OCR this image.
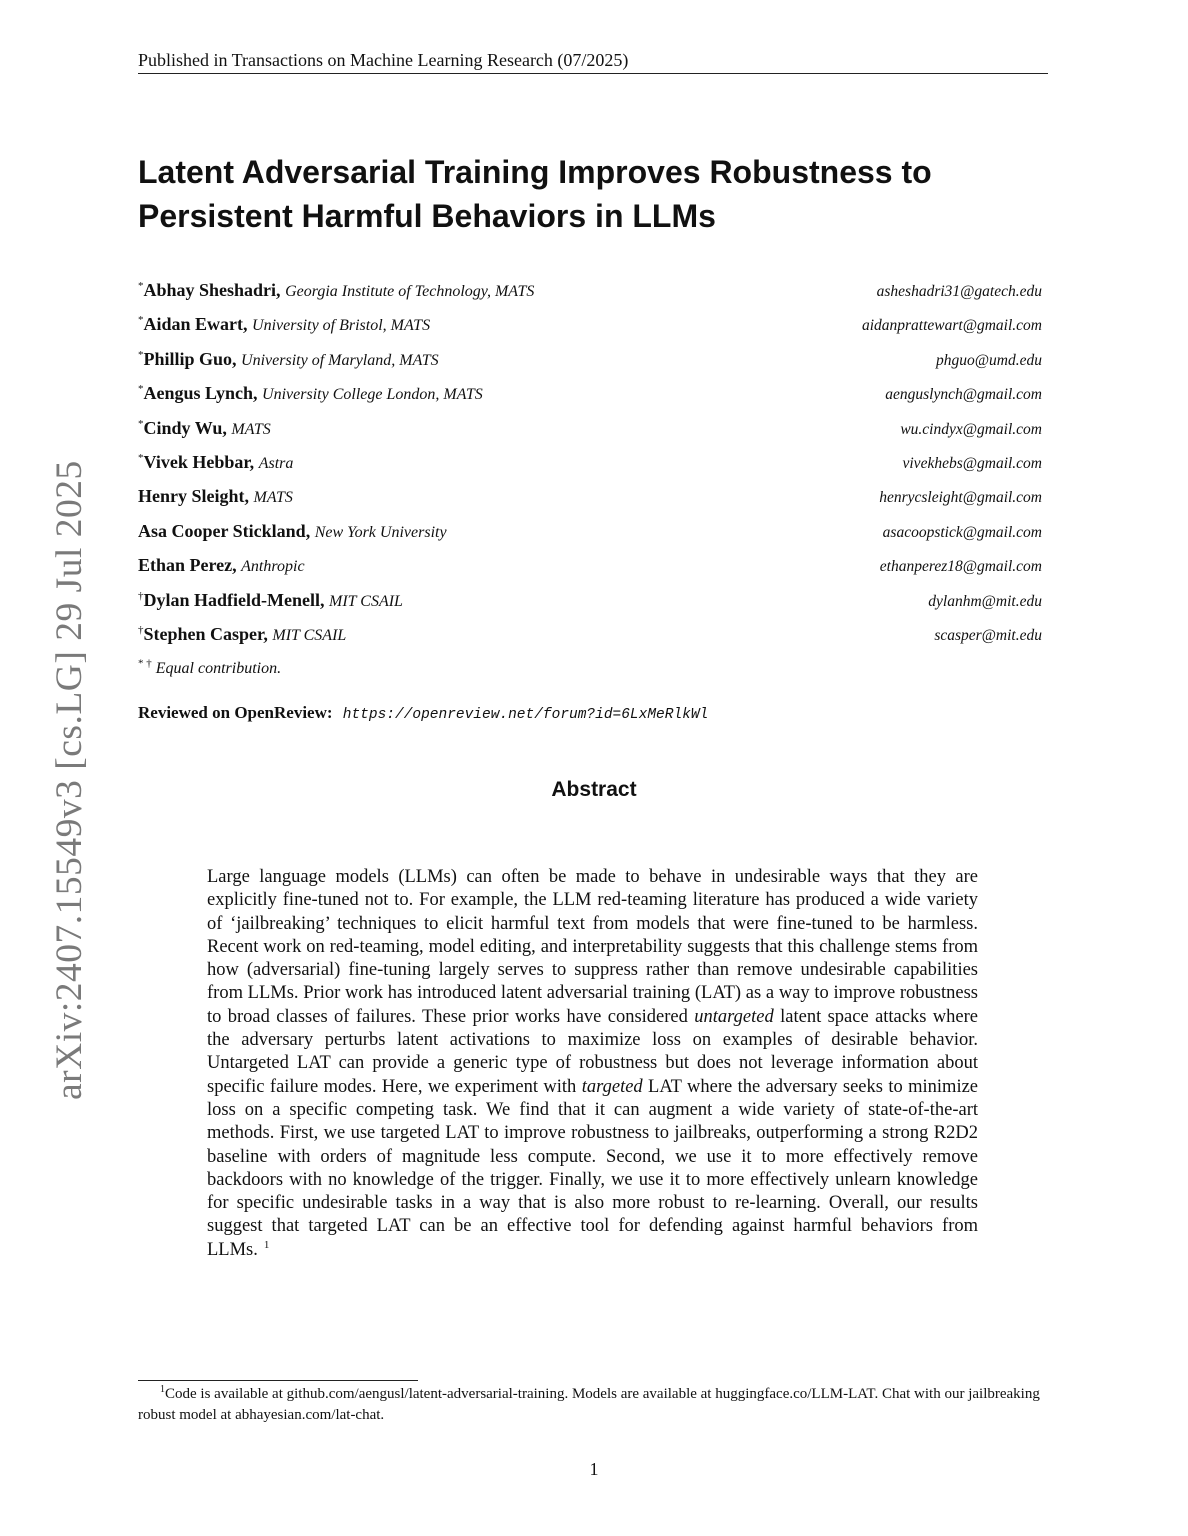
Published in Transactions on Machine Learning Research (07/2025)
arXiv:2407.15549v3 [cs.LG] 29 Jul 2025
Latent Adversarial Training Improves Robustness to
Persistent Harmful Behaviors in LLMs
*Abhay Sheshadri, Georgia Institute of Technology, MATS	asheshadri31@gatech.edu
*Aidan Ewart, University of Bristol, MATS	aidanprattewart@gmail.com
*Phillip Guo, University of Maryland, MATS	phguo@umd.edu
*Aengus Lynch, University College London, MATS	aenguslynch@gmail.com
*Cindy Wu, MATS	wu.cindyx@gmail.com
*Vivek Hebbar, Astra	vivekhebs@gmail.com
Henry Sleight, MATS	henrycsleight@gmail.com
Asa Cooper Stickland, New York University	asacoopstick@gmail.com
Ethan Perez, Anthropic	ethanperez18@gmail.com
†Dylan Hadfield-Menell, MIT CSAIL	dylanhm@mit.edu
†Stephen Casper, MIT CSAIL	scasper@mit.edu
* † Equal contribution.
Reviewed on OpenReview: https://openreview.net/forum?id=6LxMeRlkWl
Abstract
Large language models (LLMs) can often be made to behave in undesirable ways that they are explicitly fine-tuned not to. For example, the LLM red-teaming literature has produced a wide variety of ‘jailbreaking’ techniques to elicit harmful text from models that were fine-tuned to be harmless. Recent work on red-teaming, model editing, and interpretability suggests that this challenge stems from how (adversarial) fine-tuning largely serves to suppress rather than remove undesirable capabilities from LLMs. Prior work has introduced latent adversarial training (LAT) as a way to improve robustness to broad classes of failures. These prior works have considered untargeted latent space attacks where the adversary perturbs latent activations to maximize loss on examples of desirable behavior. Untargeted LAT can provide a generic type of robustness but does not leverage information about specific failure modes. Here, we experiment with targeted LAT where the adversary seeks to minimize loss on a specific competing task. We find that it can augment a wide variety of state-of-the-art methods. First, we use targeted LAT to improve robustness to jailbreaks, outperforming a strong R2D2 baseline with orders of magnitude less compute. Second, we use it to more effectively remove backdoors with no knowledge of the trigger. Finally, we use it to more effectively unlearn knowledge for specific undesirable tasks in a way that is also more robust to re-learning. Overall, our results suggest that targeted LAT can be an effective tool for defending against harmful behaviors from LLMs. $^1$
$^1$Code is available at github.com/aengusl/latent-adversarial-training. Models are available at huggingface.co/LLM-LAT. Chat with our jailbreaking robust model at abhayesian.com/lat-chat.
1
